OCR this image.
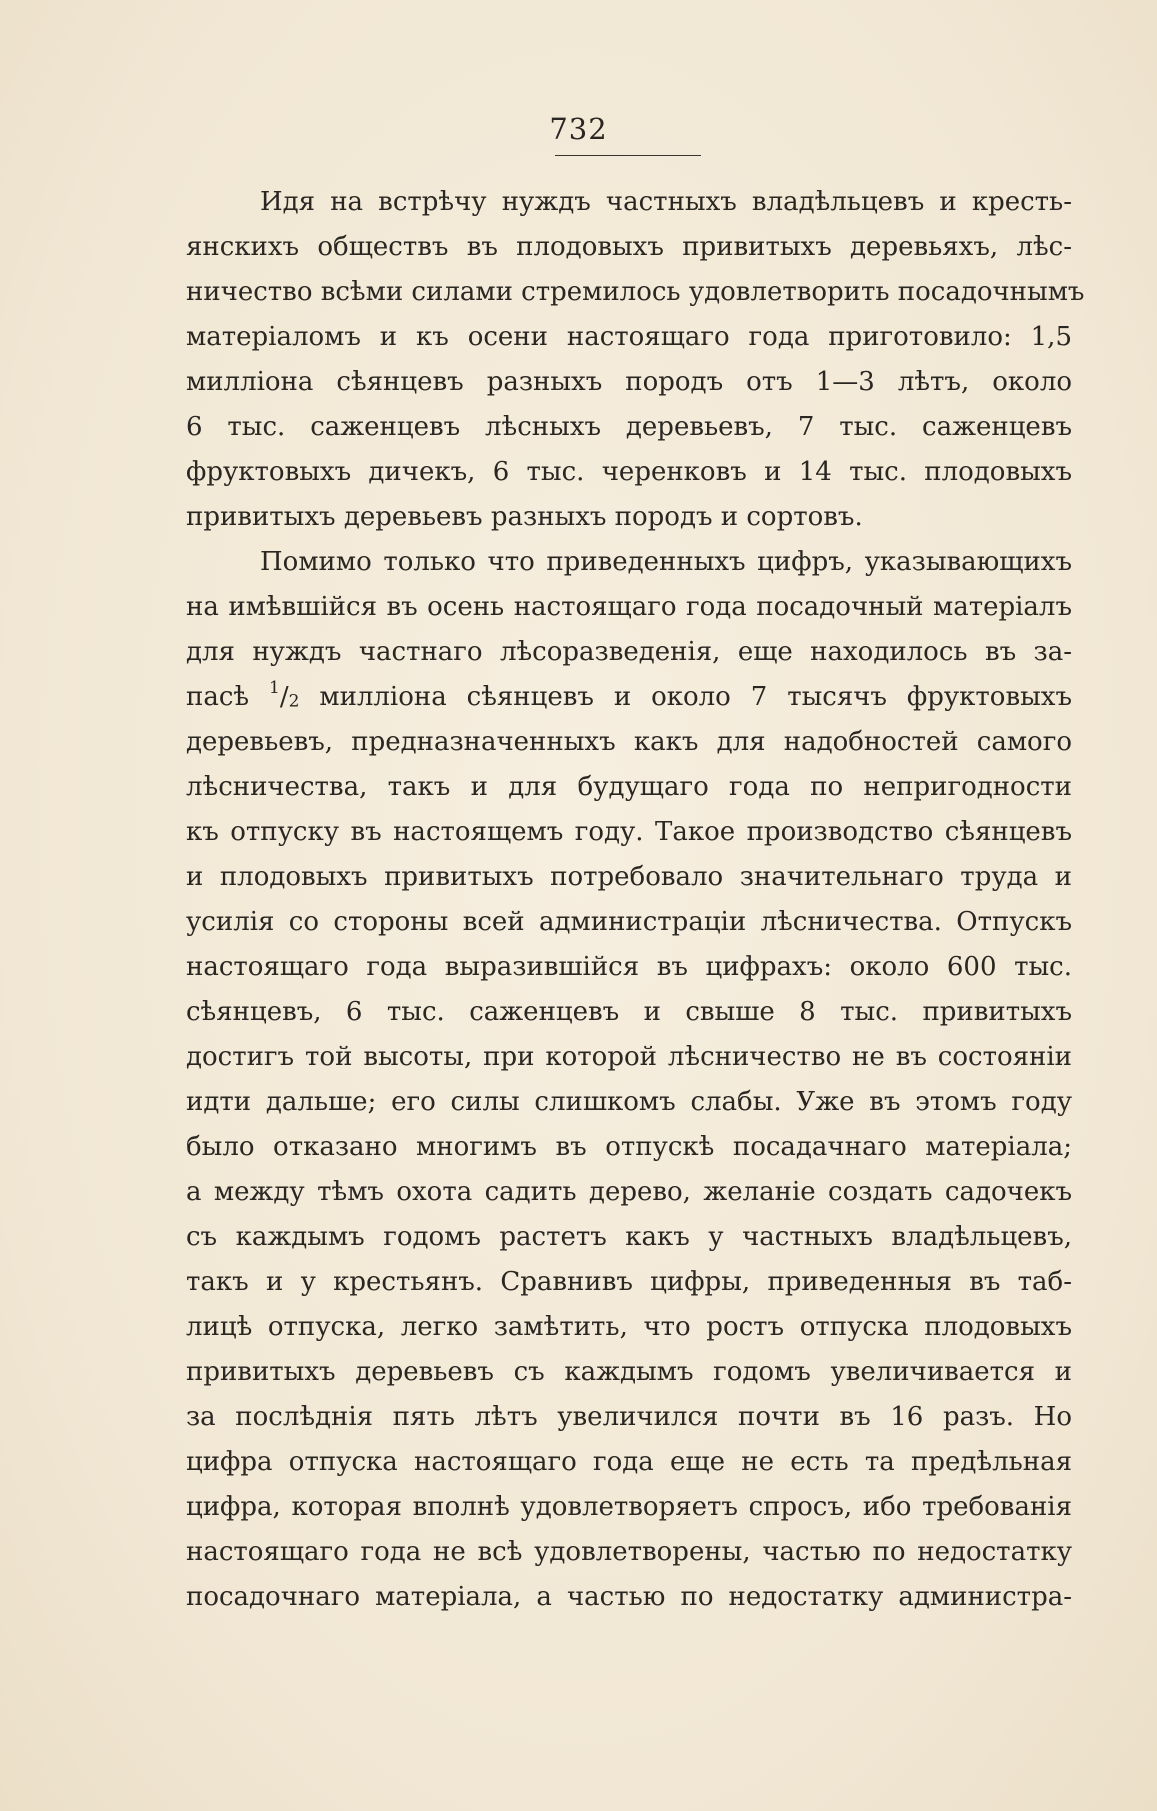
732
Идя на встрѣчу нуждъ частныхъ владѣльцевъ и кресть-
янскихъ обществъ въ плодовыхъ привитыхъ деревьяхъ, лѣс-
ничество всѣми силами стремилось удовлетворить посадочнымъ
матеріаломъ и къ осени настоящаго года приготовило: 1,5
милліона сѣянцевъ разныхъ породъ отъ 1—3 лѣтъ, около
6 тыс. саженцевъ лѣсныхъ деревьевъ, 7 тыс. саженцевъ
фруктовыхъ дичекъ, 6 тыс. черенковъ и 14 тыс. плодовыхъ
привитыхъ деревьевъ разныхъ породъ и сортовъ.
Помимо только что приведенныхъ цифръ, указывающихъ
на имѣвшійся въ осень настоящаго года посадочный матеріалъ
для нуждъ частнаго лѣсоразведенія, еще находилось въ за-
пасѣ $^1/_2$ милліона сѣянцевъ и около 7 тысячъ фруктовыхъ
деревьевъ, предназначенныхъ какъ для надобностей самого
лѣсничества, такъ и для будущаго года по непригодности
къ отпуску въ настоящемъ году. Такое производство сѣянцевъ
и плодовыхъ привитыхъ потребовало значительнаго труда и
усилія со стороны всей администраціи лѣсничества. Отпускъ
настоящаго года выразившійся въ цифрахъ: около 600 тыс.
сѣянцевъ, 6 тыс. саженцевъ и свыше 8 тыс. привитыхъ
достигъ той высоты, при которой лѣсничество не въ состояніи
идти дальше; его силы слишкомъ слабы. Уже въ этомъ году
было отказано многимъ въ отпускѣ посадачнаго матеріала;
а между тѣмъ охота садить дерево, желаніе создать садочекъ
съ каждымъ годомъ растетъ какъ у частныхъ владѣльцевъ,
такъ и у крестьянъ. Сравнивъ цифры, приведенныя въ таб-
лицѣ отпуска, легко замѣтить, что ростъ отпуска плодовыхъ
привитыхъ деревьевъ съ каждымъ годомъ увеличивается и
за послѣднія пять лѣтъ увеличился почти въ 16 разъ. Но
цифра отпуска настоящаго года еще не есть та предѣльная
цифра, которая вполнѣ удовлетворяетъ спросъ, ибо требованія
настоящаго года не всѣ удовлетворены, частью по недостатку
посадочнаго матеріала, а частью по недостатку администра-
